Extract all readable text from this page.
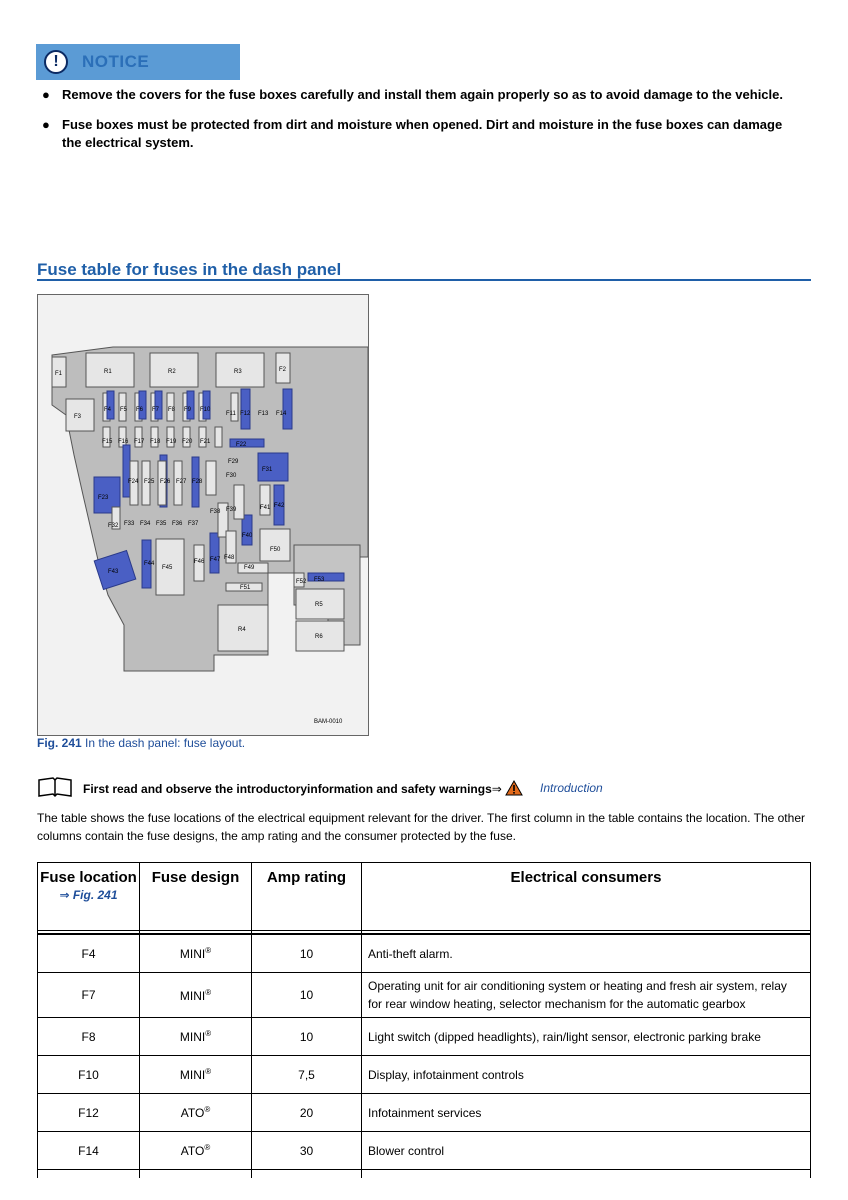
!	NOTICE
● Remove the covers for the fuse boxes carefully and install them again properly so as to avoid damage to the vehicle.
● Fuse boxes must be protected from dirt and moisture when opened. Dirt and moisture in the fuse boxes can damage the electrical system.
Fuse table for fuses in the dash panel
R1	R2	R3
R4
R5
R6
F1
F2
F3
BAM-0010
F4 F5 F6 F7 F8 F9 F10
F11 F12 F13 F14
F15 F16 F17 F18 F19 F20 F21	F22
F23
F24 F25 F26 F27 F28
F29
F30
F31
F32 F33 F34 F35 F36 F37
F38 F39
F40
F41 F42
F43
F44
F45
F46 F47 F48
F49
F50
F51
F52 F53
Fig. 241 In the dash panel: fuse layout.
First read and observe the introductoryinformation and safety warnings⇒	Introduction
The table shows the fuse locations of the electrical equipment relevant for the driver. The first column in the table contains the location. The other columns contain the fuse designs, the amp rating and the consumer protected by the fuse.
Fuse location
⇒ Fig. 241	Fuse design	Amp rating	Electrical consumers

F4	MINI®	10	Anti-theft alarm.
F7	MINI®	10	Operating unit for air conditioning system or heating and fresh air system, relay for rear window heating, selector mechanism for the automatic gearbox
F8	MINI®	10	Light switch (dipped headlights), rain/light sensor, electronic parking brake
F10	MINI®	7,5	Display, infotainment controls
F12	ATO®	20	Infotainment services
F14	ATO®	30	Blower control
